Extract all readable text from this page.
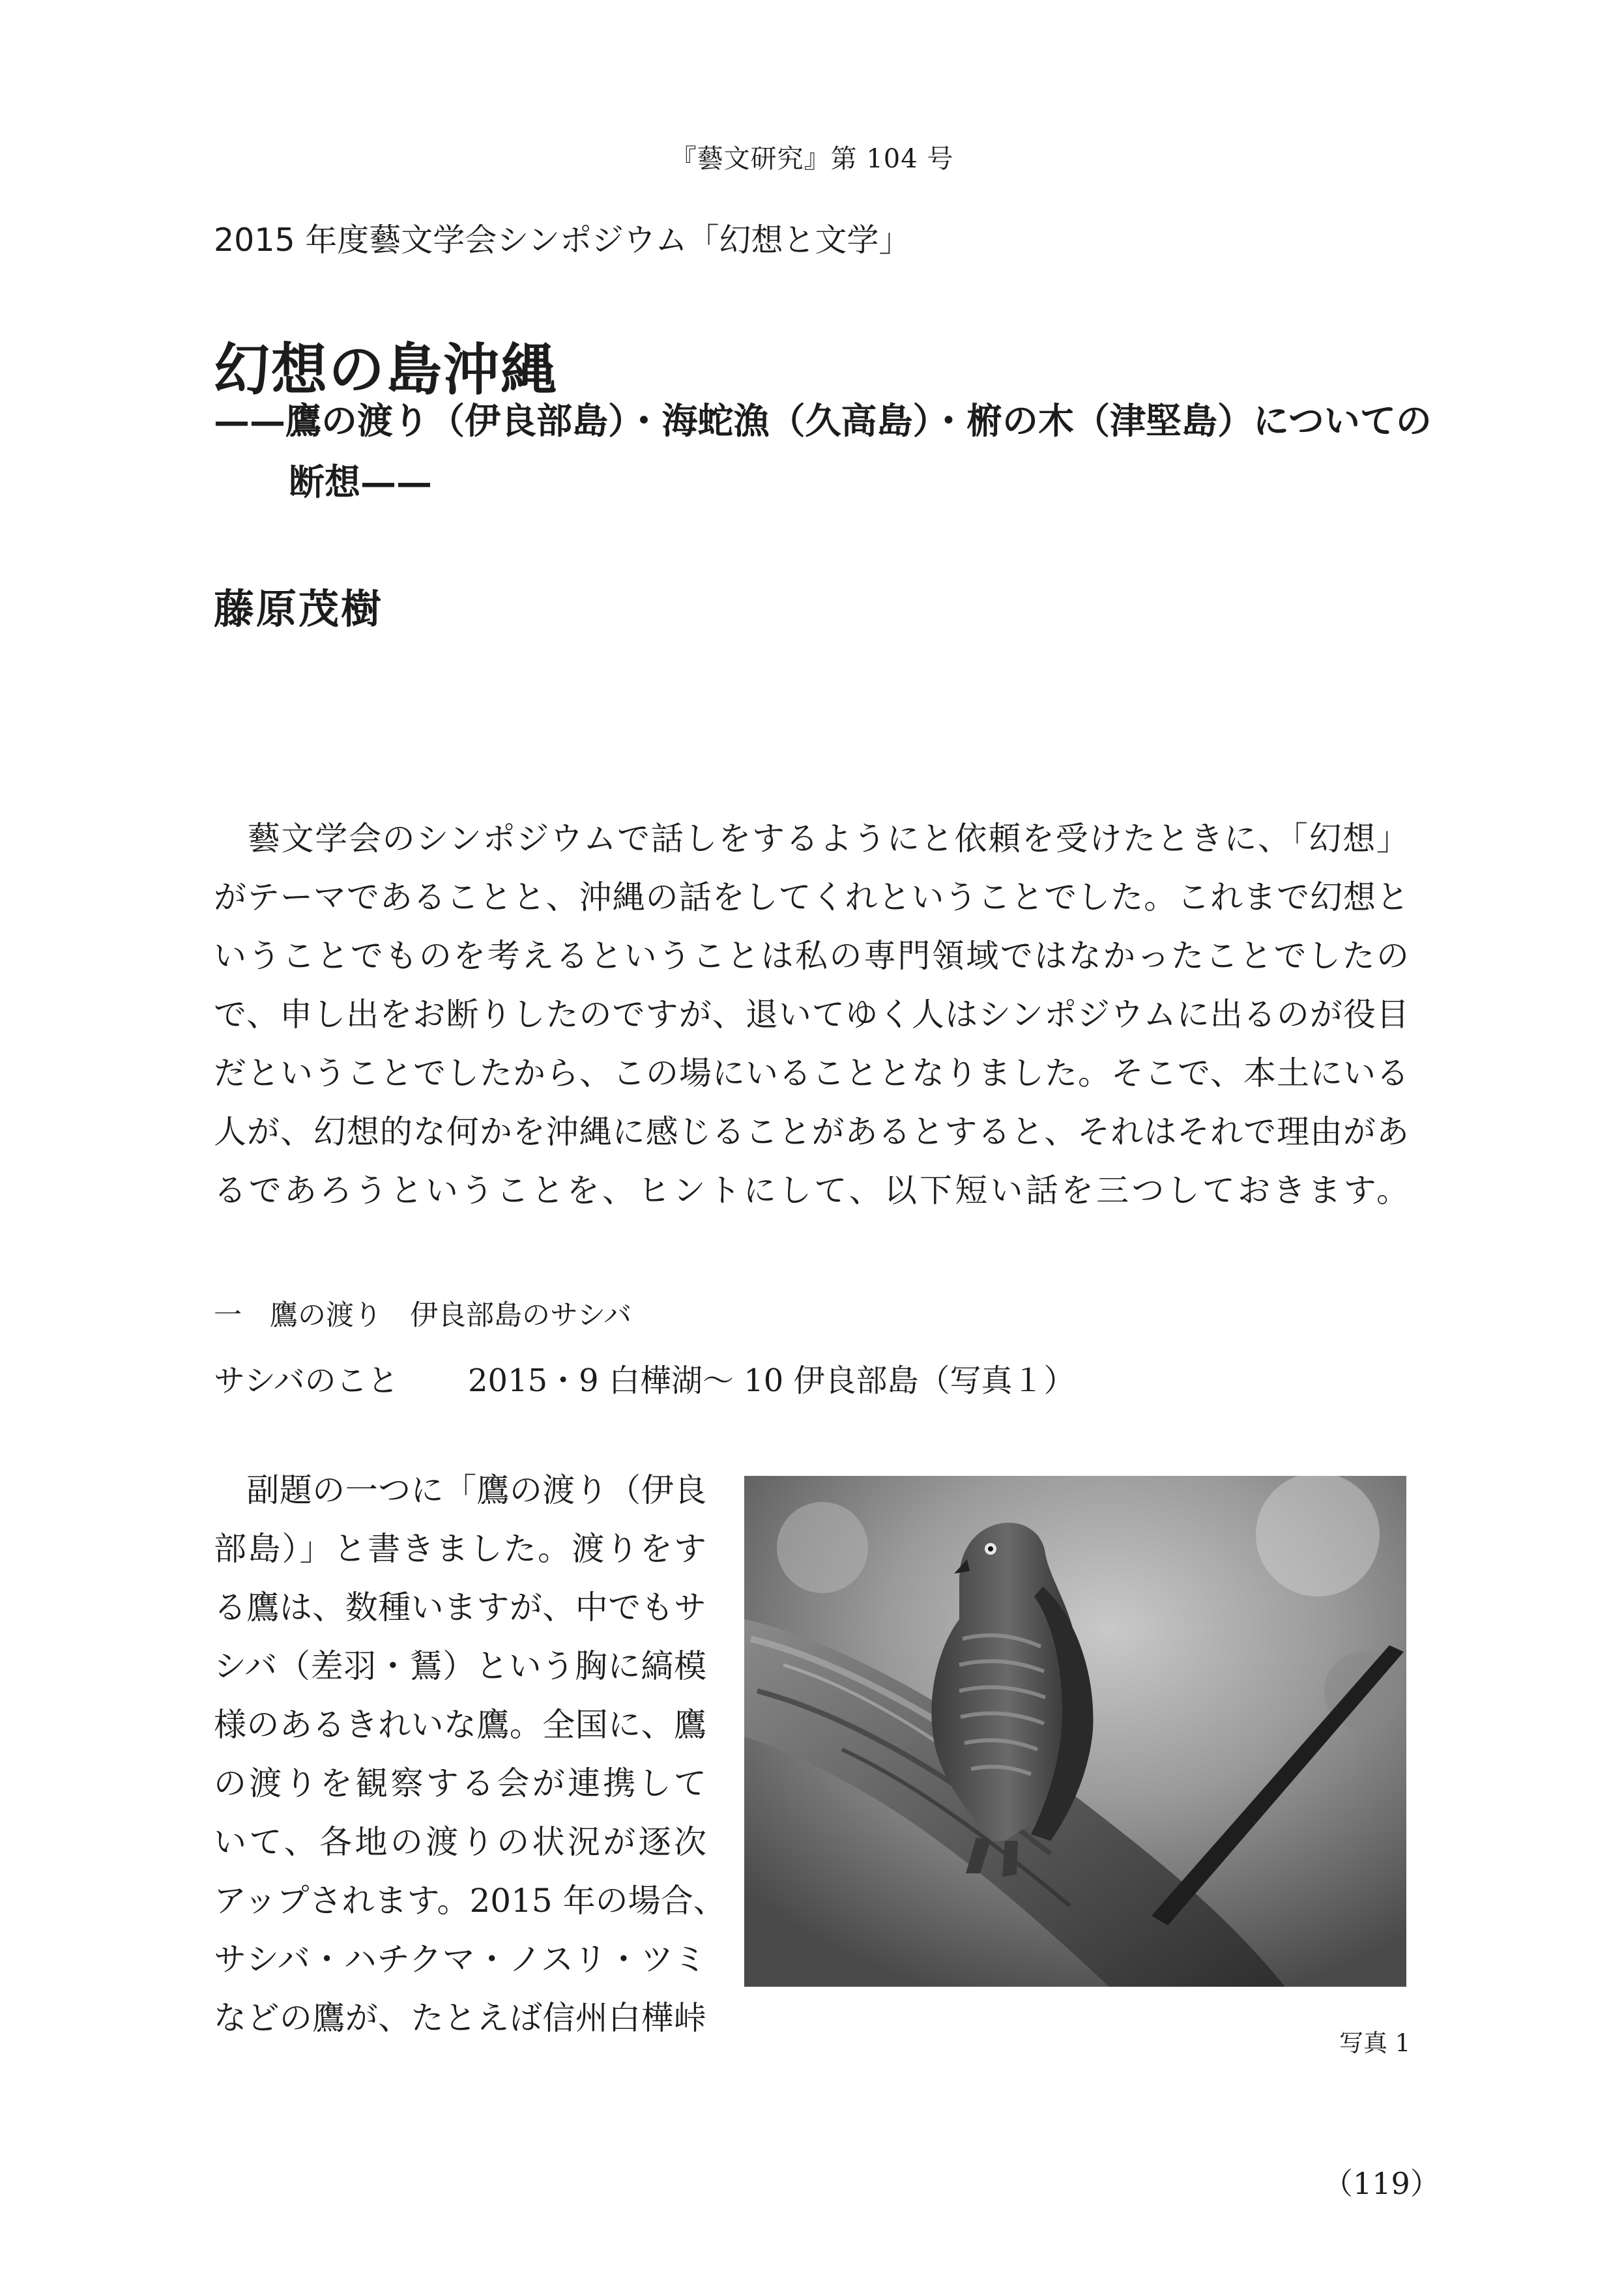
『藝文研究』第 104 号
2015 年度藝文学会シンポジウム「幻想と文学」
幻想の島沖縄
——鷹の渡り（伊良部島）・海蛇漁（久高島）・椨の木（津堅島）についての
断想——
藤原茂樹
　藝文学会のシンポジウムで話しをするようにと依頼を受けたときに、「幻想」
がテーマであることと、沖縄の話をしてくれということでした。これまで幻想と
いうことでものを考えるということは私の専門領域ではなかったことでしたの
で、申し出をお断りしたのですが、退いてゆく人はシンポジウムに出るのが役目
だということでしたから、この場にいることとなりました。そこで、本土にいる
人が、幻想的な何かを沖縄に感じることがあるとすると、それはそれで理由があ
るであろうということを、ヒントにして、以下短い話を三つしておきます。
一　鷹の渡り　伊良部島のサシバ
サシバのこと 2015・9 白樺湖～ 10 伊良部島（写真１）
　副題の一つに「鷹の渡り（伊良
部島）」と書きました。渡りをす
る鷹は、数種いますが、中でもサ
シバ（差羽・鵟）という胸に縞模
様のあるきれいな鷹。全国に、鷹
の渡りを観察する会が連携して
いて、各地の渡りの状況が逐次
アップされます。2015 年の場合、
サシバ・ハチクマ・ノスリ・ツミ
などの鷹が、たとえば信州白樺峠
写真 1
（119）
